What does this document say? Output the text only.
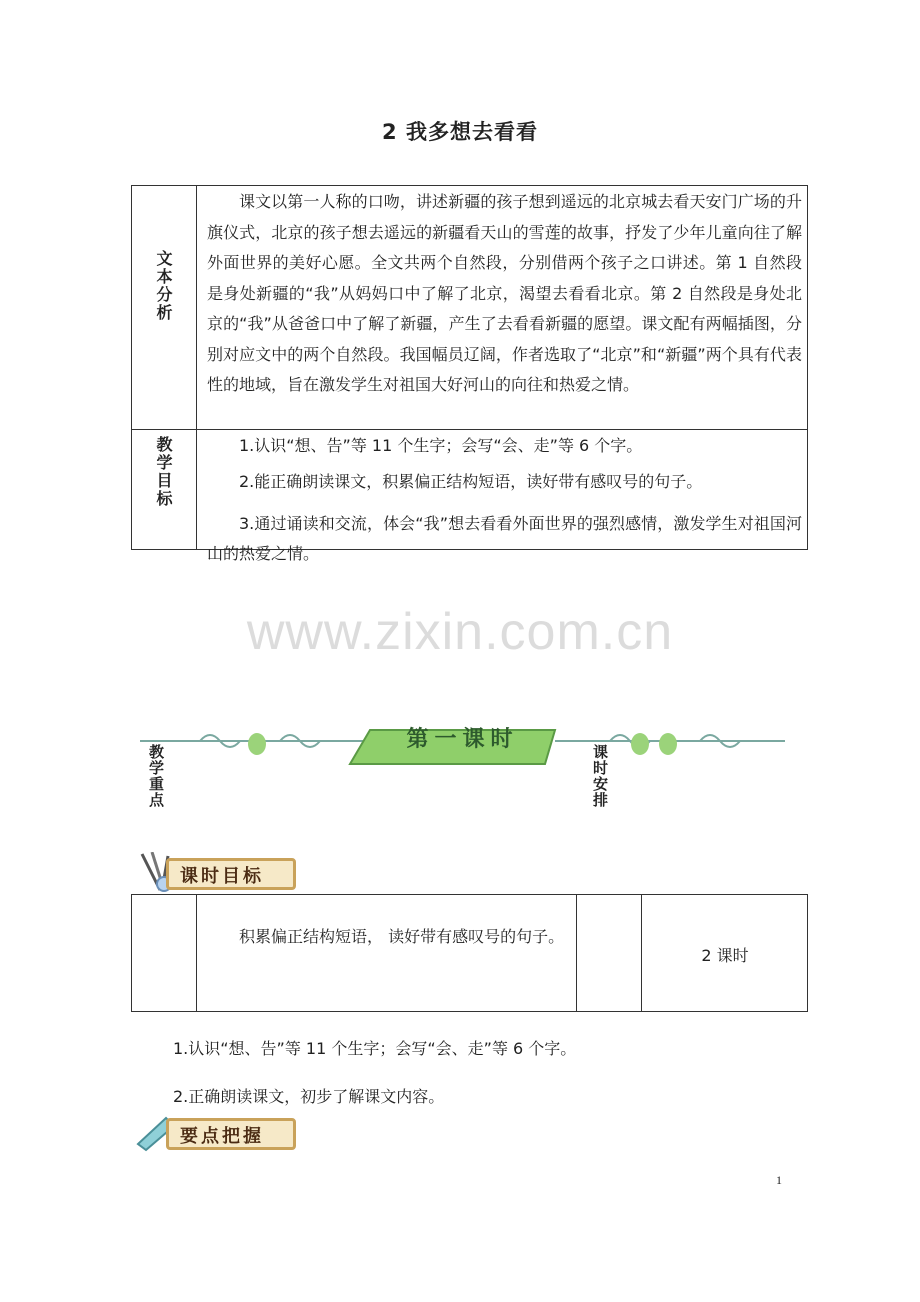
2 我多想去看看
文本分析
课文以第一人称的口吻，讲述新疆的孩子想到遥远的北京城去看天安门广场的升旗仪式，北京的孩子想去遥远的新疆看天山的雪莲的故事，抒发了少年儿童向往了解外面世界的美好心愿。全文共两个自然段，分别借两个孩子之口讲述。第 1 自然段是身处新疆的“我”从妈妈口中了解了北京，渴望去看看北京。第 2 自然段是身处北京的“我”从爸爸口中了解了新疆，产生了去看看新疆的愿望。课文配有两幅插图，分别对应文中的两个自然段。我国幅员辽阔，作者选取了“北京”和“新疆”两个具有代表性的地域，旨在激发学生对祖国大好河山的向往和热爱之情。
教学目标	1.认识“想、告”等 11 个生字；会写“会、走”等 6 个字。
2.能正确朗读课文，积累偏正结构短语，读好带有感叹号的句子。
3.通过诵读和交流，体会“我”想去看看外面世界的强烈感情，激发学生对祖国河山的热爱之情。
www.zixin.com.cn
第一课时
教学重点	课时安排
课时目标
积累偏正结构短语， 读好带有感叹号的句子。
2 课时
1.认识“想、告”等 11 个生字；会写“会、走”等 6 个字。
2.正确朗读课文，初步了解课文内容。
要点把握
1
